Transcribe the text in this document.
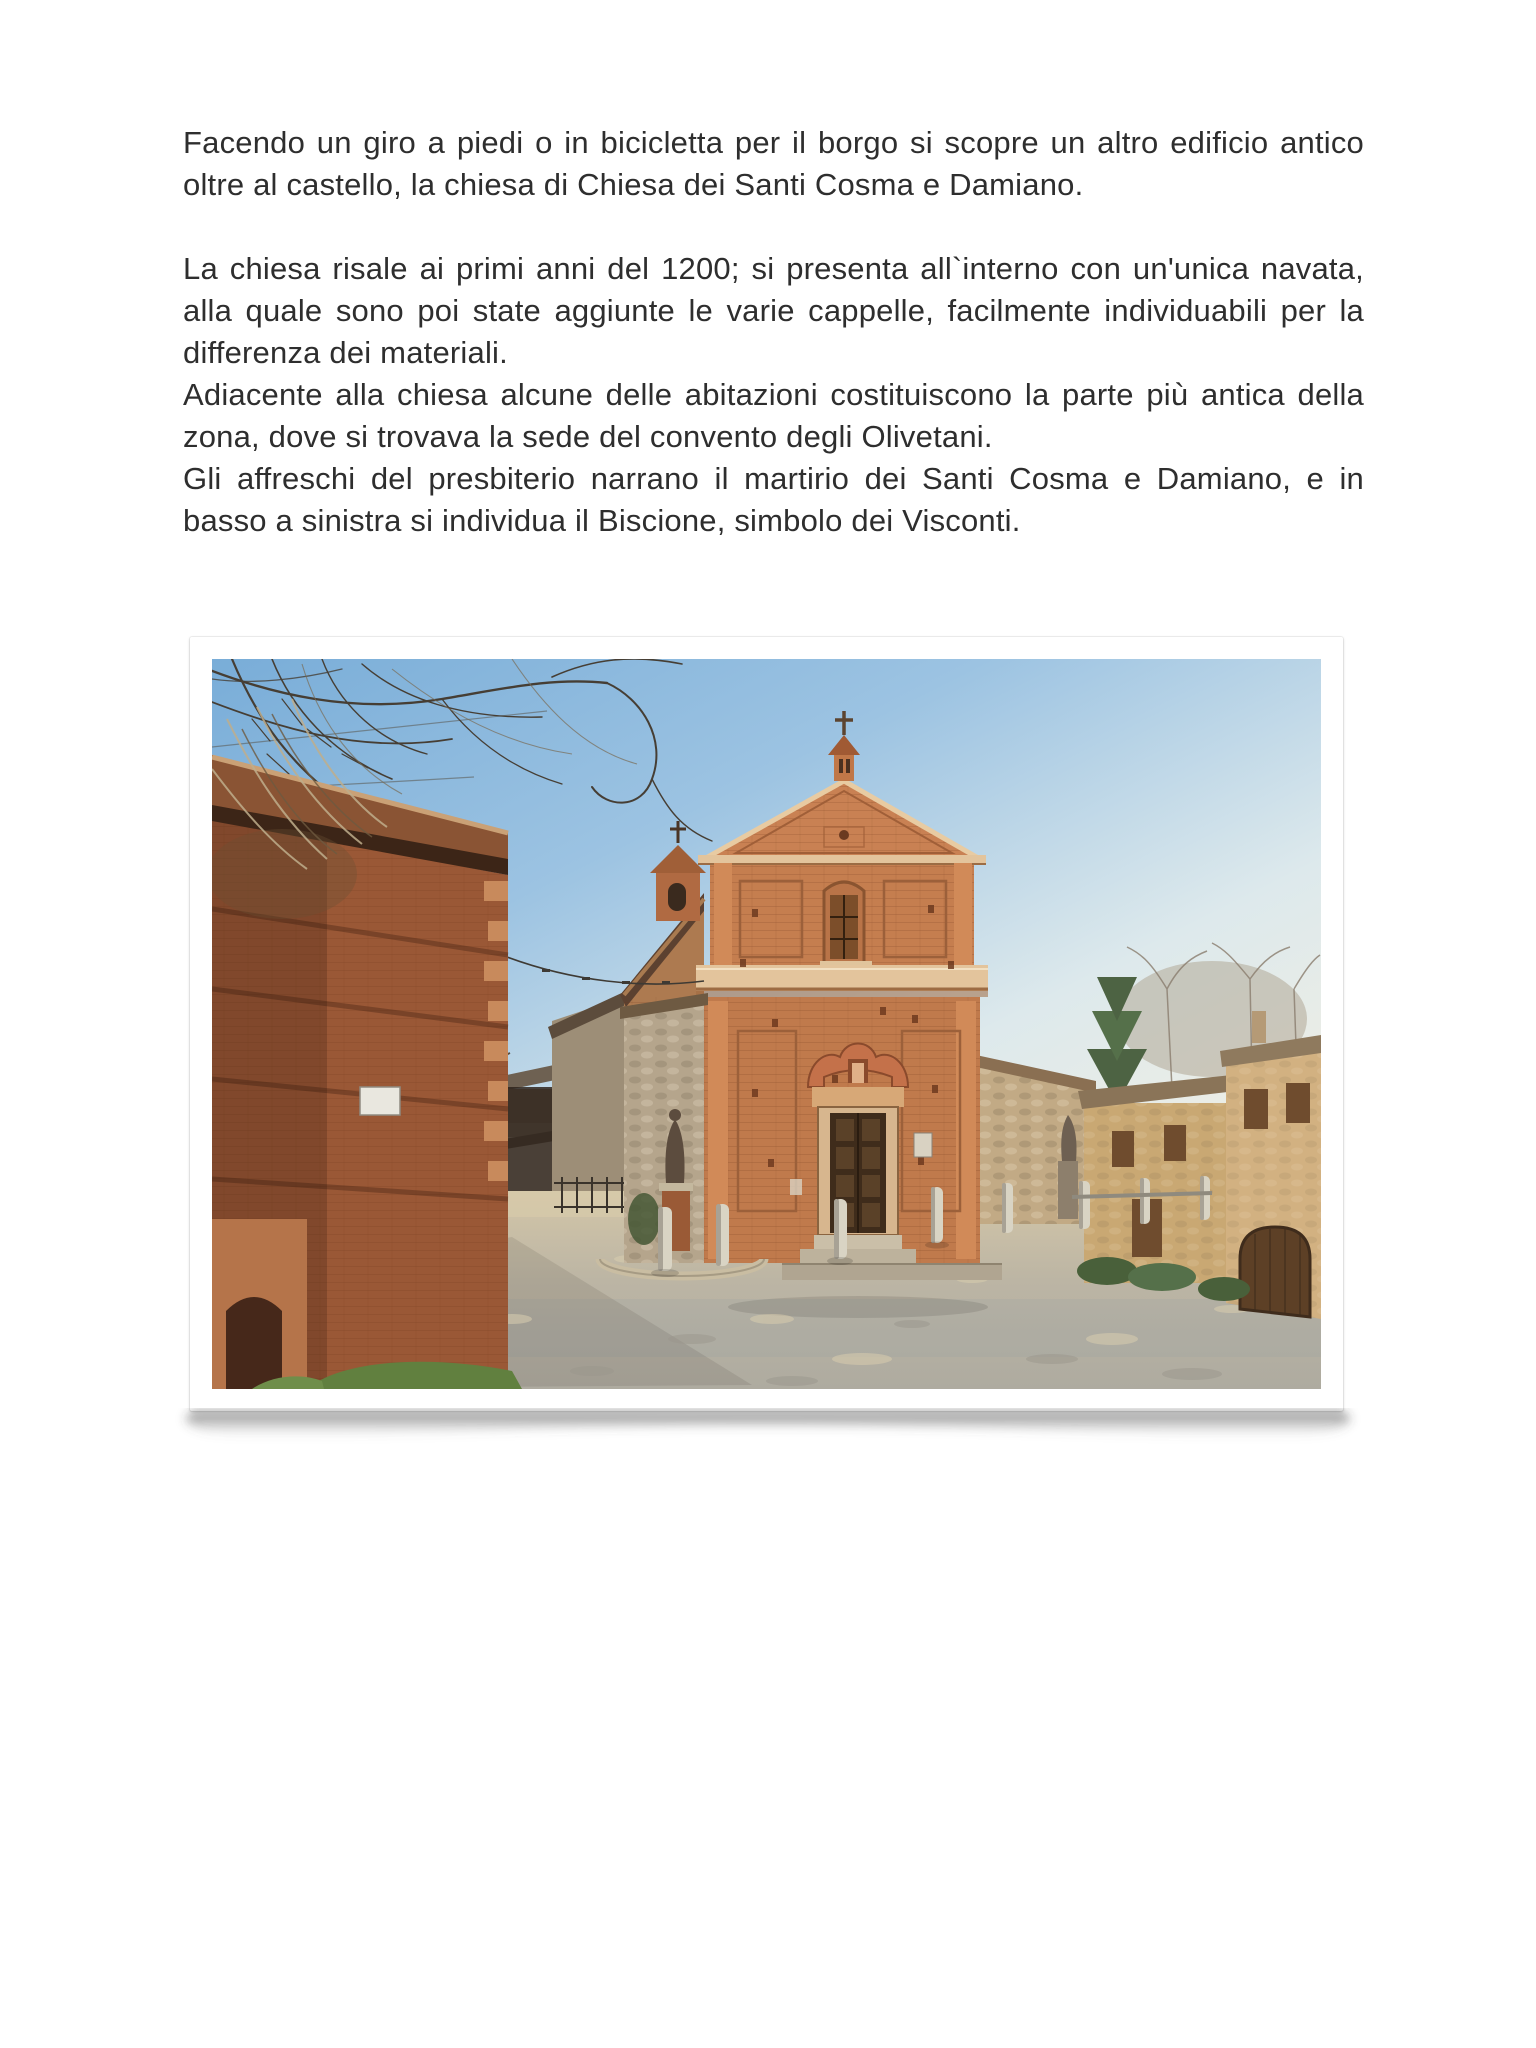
Facendo un giro a piedi o in bicicletta per il borgo si scopre un altro edificio antico oltre al castello, la chiesa di Chiesa dei Santi Cosma e Damiano.

La chiesa risale ai primi anni del 1200; si presenta all`interno con un'unica navata, alla quale sono poi state aggiunte le varie cappelle, facilmente individuabili per la differenza dei materiali.

Adiacente alla chiesa alcune delle abitazioni costituiscono la parte più antica della zona, dove si trovava la sede del convento degli Olivetani.

Gli affreschi del presbiterio narrano il martirio dei Santi Cosma e Damiano, e in basso a sinistra si individua il Biscione, simbolo dei Visconti.
